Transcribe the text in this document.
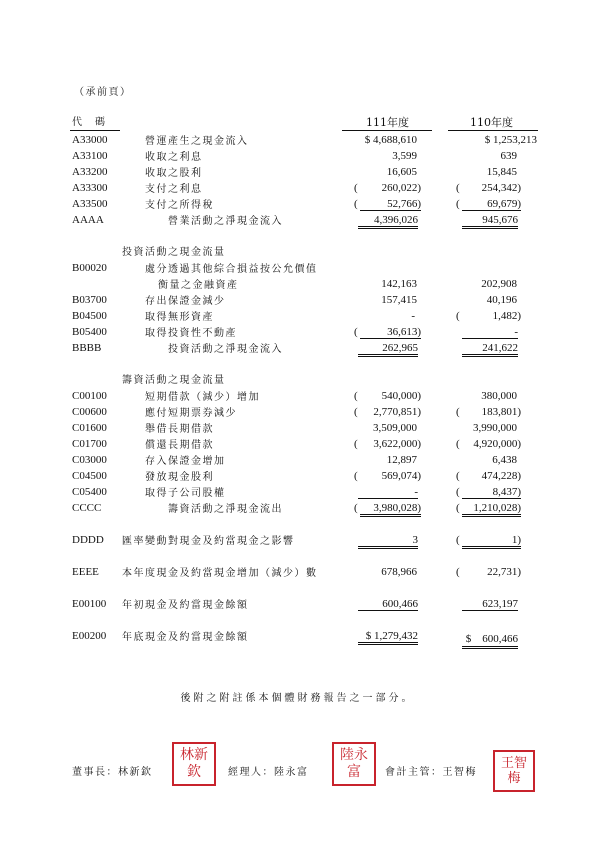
（承前頁）
代　碼	111年度	110年度
A33000	營運產生之現金流入	$ 4,688,610	$ 1,253,213
A33100	收取之利息	3,599	639
A33200	收取之股利	16,605	15,845
A33300	支付之利息	( 260,022)	( 254,342)
A33500	支付之所得稅	(	52,766)	(	69,679)
AAAA	營業活動之淨現金流入	4,396,026	945,676
投資活動之現金流量
B00020	處分透過其他綜合損益按公允價值
衡量之金融資產	142,163	202,908
B03700	存出保證金減少	157,415	40,196
B04500	取得無形資產	-	(	1,482)
B05400	取得投資性不動產	(	36,613)	-
BBBB	投資活動之淨現金流入	262,965	241,622
籌資活動之現金流量
C00100	短期借款（減少）增加	( 540,000)	380,000
C00600	應付短期票券減少	( 2,770,851)	( 183,801)
C01600	舉借長期借款	3,509,000	3,990,000
C01700	償還長期借款	( 3,622,000)	( 4,920,000)
C03000	存入保證金增加	12,897	6,438
C04500	發放現金股利	( 569,074)	( 474,228)
C05400	取得子公司股權	-	(	8,437)
CCCC	籌資活動之淨現金流出	(	3,980,028)	(	1,210,028)
DDDD 匯率變動對現金及約當現金之影響	3	(	1)
EEEE 本年度現金及約當現金增加（減少）數	678,966	( 22,731)
E00100 年初現金及約當現金餘額	600,466	623,197
E00200 年底現金及約當現金餘額	$ 1,279,432	$　600,466
後附之附註係本個體財務報告之一部分。
董事長：林新欽
林新欽	經理人：陸永富
陸永富	會計主管：王智梅
王智梅
